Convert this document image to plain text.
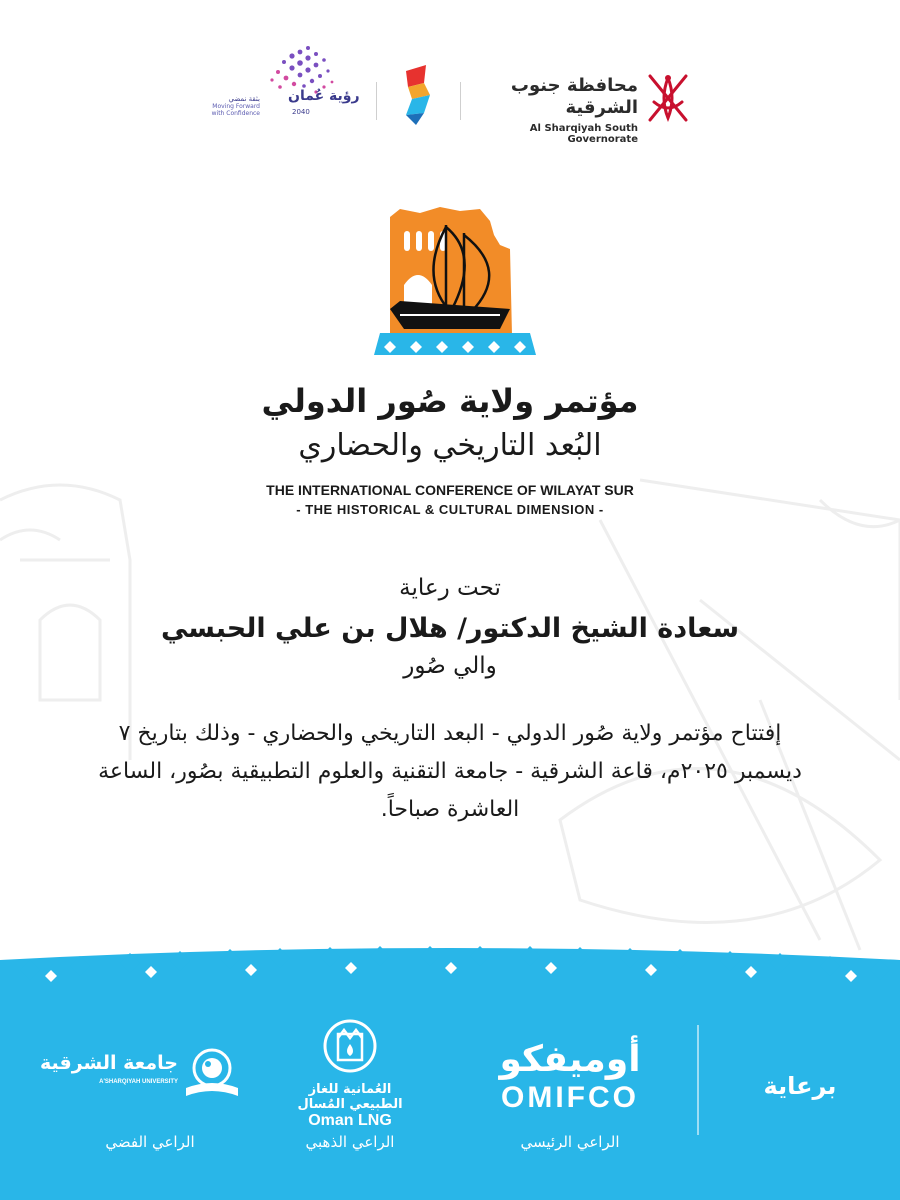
رؤية عُمان
2040
بثقة نمضي
Moving Forward
with Confidence
محافظة جنوب الشرقية
Al Sharqiyah South Governorate
مؤتمر ولاية صُور الدولي
البُعد التاريخي والحضاري
THE INTERNATIONAL CONFERENCE OF WILAYAT SUR
- THE HISTORICAL & CULTURAL DIMENSION -
تحت رعاية
سعادة الشيخ الدكتور/ هلال بن علي الحبسي
والي صُور
إفتتاح مؤتمر ولاية صُور الدولي - البعد التاريخي والحضاري - وذلك بتاريخ ٧ ديسمبر ٢٠٢٥م، قاعة الشرقية - جامعة التقنية والعلوم التطبيقية بصُور، الساعة العاشرة صباحاً.
برعاية
أوميفكو
OMIFCO
العُمانية للغاز الطبيعي المُسال
Oman LNG
جامعة الشرقية
A'SHARQIYAH UNIVERSITY
الراعي الرئيسي
الراعي الذهبي
الراعي الفضي
